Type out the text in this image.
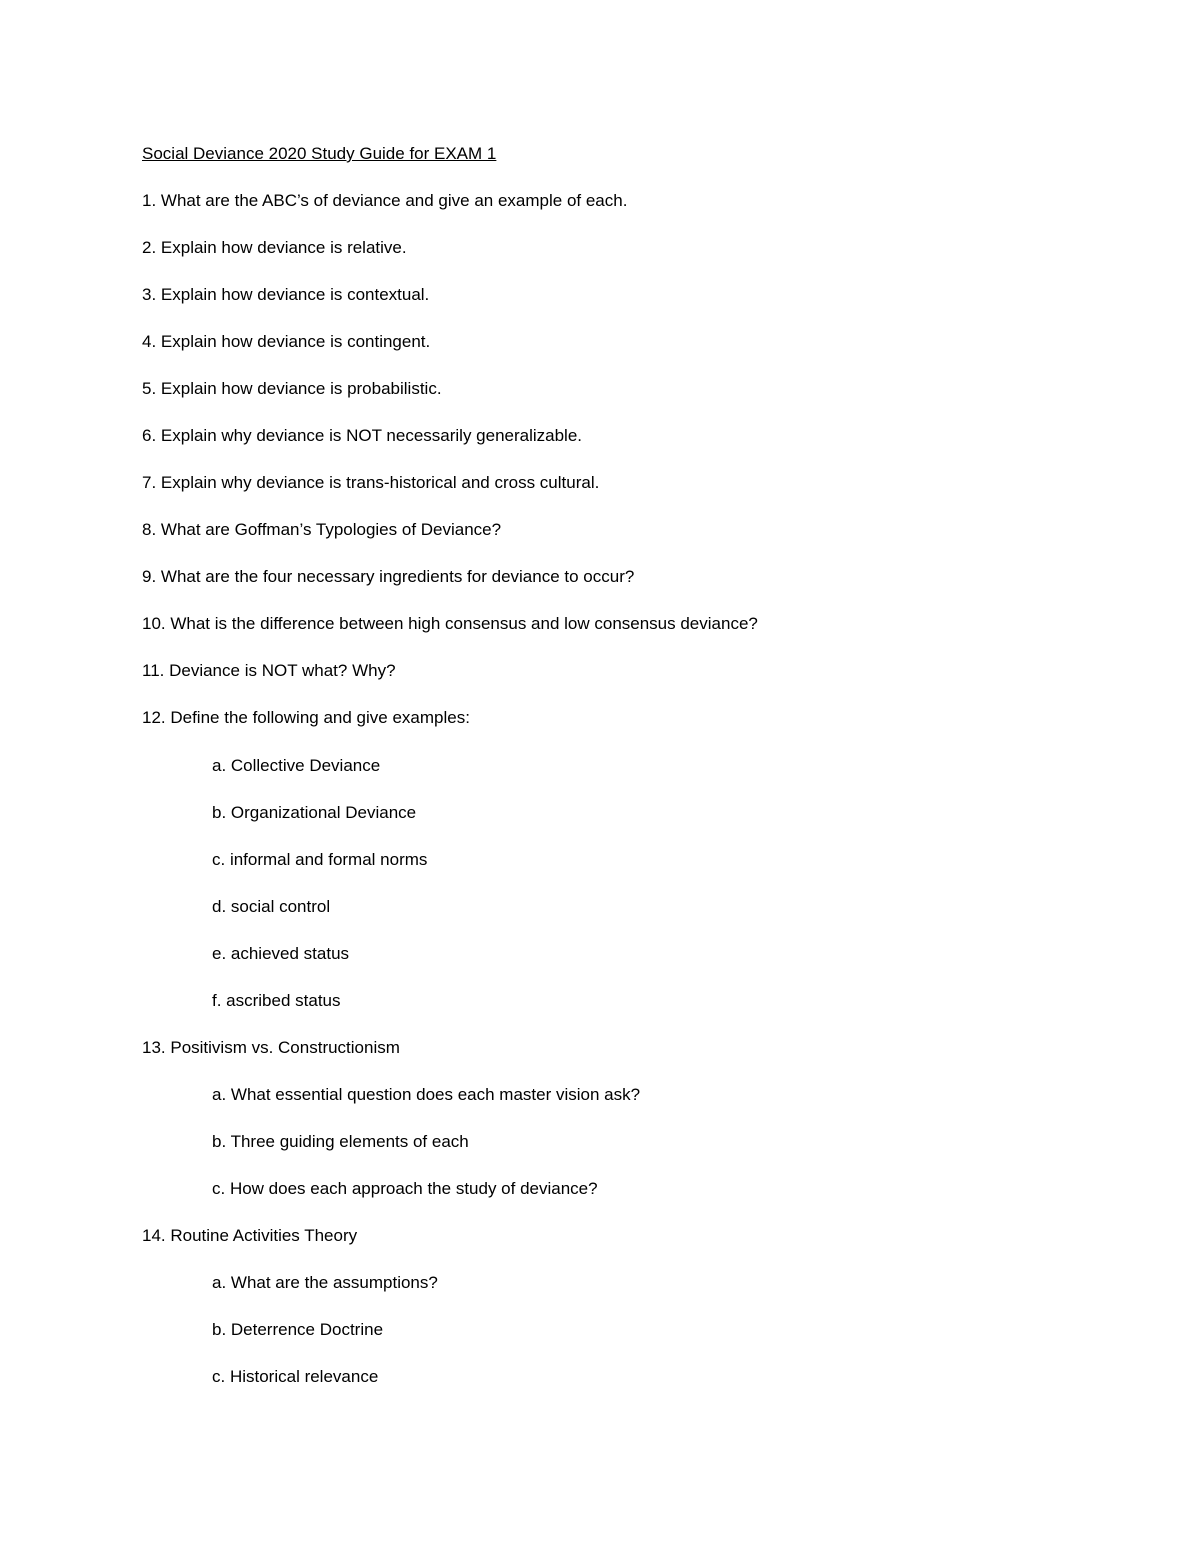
Social Deviance 2020 Study Guide for EXAM 1
1. What are the ABC’s of deviance and give an example of each.
2. Explain how deviance is relative.
3. Explain how deviance is contextual.
4. Explain how deviance is contingent.
5. Explain how deviance is probabilistic.
6. Explain why deviance is NOT necessarily generalizable.
7. Explain why deviance is trans-historical and cross cultural.
8. What are Goffman’s Typologies of Deviance?
9. What are the four necessary ingredients for deviance to occur?
10. What is the difference between high consensus and low consensus deviance?
11. Deviance is NOT what? Why?
12. Define the following and give examples:
a. Collective Deviance
b. Organizational Deviance
c. informal and formal norms
d. social control
e. achieved status
f. ascribed status
13. Positivism vs. Constructionism
a. What essential question does each master vision ask?
b. Three guiding elements of each
c. How does each approach the study of deviance?
14. Routine Activities Theory
a. What are the assumptions?
b. Deterrence Doctrine
c. Historical relevance
